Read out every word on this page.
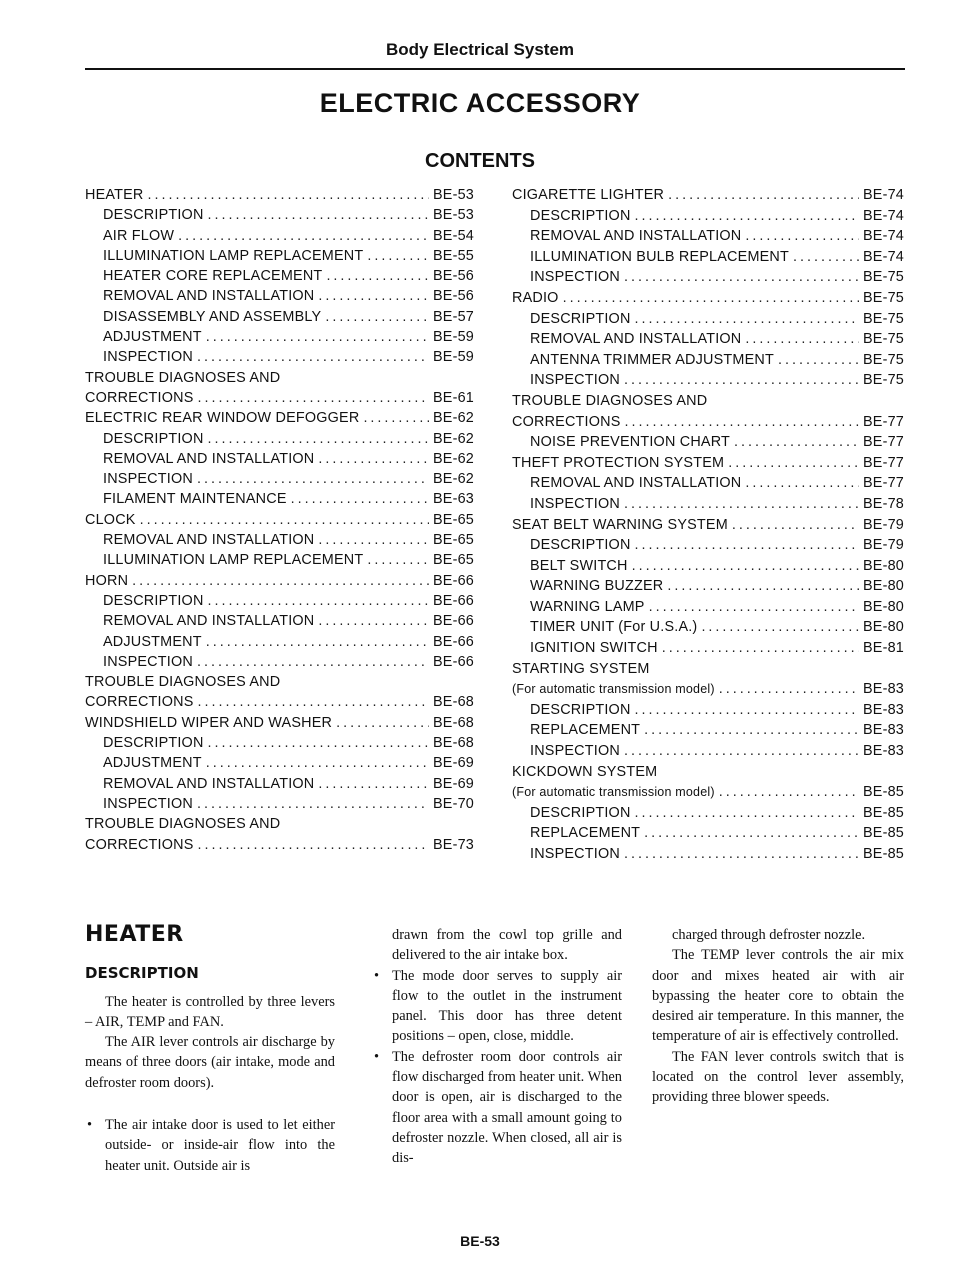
Body Electrical System
ELECTRIC ACCESSORY
CONTENTS
HEATER . . .	BE-53
DESCRIPTION . . .	BE-53
AIR FLOW . . .	BE-54
ILLUMINATION LAMP REPLACEMENT . . .	BE-55
HEATER CORE REPLACEMENT . . .	BE-56
REMOVAL AND INSTALLATION . . .	BE-56
DISASSEMBLY AND ASSEMBLY . . .	BE-57
ADJUSTMENT . . .	BE-59
INSPECTION . . .	BE-59
TROUBLE DIAGNOSES AND
CORRECTIONS . . .	BE-61
ELECTRIC REAR WINDOW DEFOGGER . . .	BE-62
DESCRIPTION . . .	BE-62
REMOVAL AND INSTALLATION . . .	BE-62
INSPECTION . . .	BE-62
FILAMENT MAINTENANCE . . .	BE-63
CLOCK . . .	BE-65
REMOVAL AND INSTALLATION . . .	BE-65
ILLUMINATION LAMP REPLACEMENT . . .	BE-65
HORN . . .	BE-66
DESCRIPTION . . .	BE-66
REMOVAL AND INSTALLATION . . .	BE-66
ADJUSTMENT . . .	BE-66
INSPECTION . . .	BE-66
TROUBLE DIAGNOSES AND
CORRECTIONS . . .	BE-68
WINDSHIELD WIPER AND WASHER . . .	BE-68
DESCRIPTION . . .	BE-68
ADJUSTMENT . . .	BE-69
REMOVAL AND INSTALLATION . . .	BE-69
INSPECTION . . .	BE-70
TROUBLE DIAGNOSES AND
CORRECTIONS . . .	BE-73
CIGARETTE LIGHTER . . .	BE-74
DESCRIPTION . . .	BE-74
REMOVAL AND INSTALLATION . . .	BE-74
ILLUMINATION BULB REPLACEMENT . . .	BE-74
INSPECTION . . .	BE-75
RADIO . . .	BE-75
DESCRIPTION . . .	BE-75
REMOVAL AND INSTALLATION . . .	BE-75
ANTENNA TRIMMER ADJUSTMENT . . .	BE-75
INSPECTION . . .	BE-75
TROUBLE DIAGNOSES AND
CORRECTIONS . . .	BE-77
NOISE PREVENTION CHART . . .	BE-77
THEFT PROTECTION SYSTEM . . .	BE-77
REMOVAL AND INSTALLATION . . .	BE-77
INSPECTION . . .	BE-78
SEAT BELT WARNING SYSTEM . . .	BE-79
DESCRIPTION . . .	BE-79
BELT SWITCH . . .	BE-80
WARNING BUZZER . . .	BE-80
WARNING LAMP . . .	BE-80
TIMER UNIT (For U.S.A.) . . .	BE-80
IGNITION SWITCH . . .	BE-81
STARTING SYSTEM
(For automatic transmission model) . . .	BE-83
DESCRIPTION . . .	BE-83
REPLACEMENT . . .	BE-83
INSPECTION . . .	BE-83
KICKDOWN SYSTEM
(For automatic transmission model) . . .	BE-85
DESCRIPTION . . .	BE-85
REPLACEMENT . . .	BE-85
INSPECTION . . .	BE-85
HEATER
DESCRIPTION

The heater is controlled by three levers – AIR, TEMP and FAN.

The AIR lever controls air discharge by means of three doors (air intake, mode and defroster room doors).

• The air intake door is used to let either outside- or inside-air flow into the heater unit. Outside air is

drawn from the cowl top grille and delivered to the air intake box.

• The mode door serves to supply air flow to the outlet in the instrument panel. This door has three detent positions – open, close, middle.
• The defroster room door controls air flow discharged from heater unit. When door is open, air is discharged to the floor area with a small amount going to defroster nozzle. When closed, all air is dis-

charged through defroster nozzle.

The TEMP lever controls the air mix door and mixes heated air with air bypassing the heater core to obtain the desired air temperature. In this manner, the temperature of air is effectively controlled.

The FAN lever controls switch that is located on the control lever assembly, providing three blower speeds.

BE-53
